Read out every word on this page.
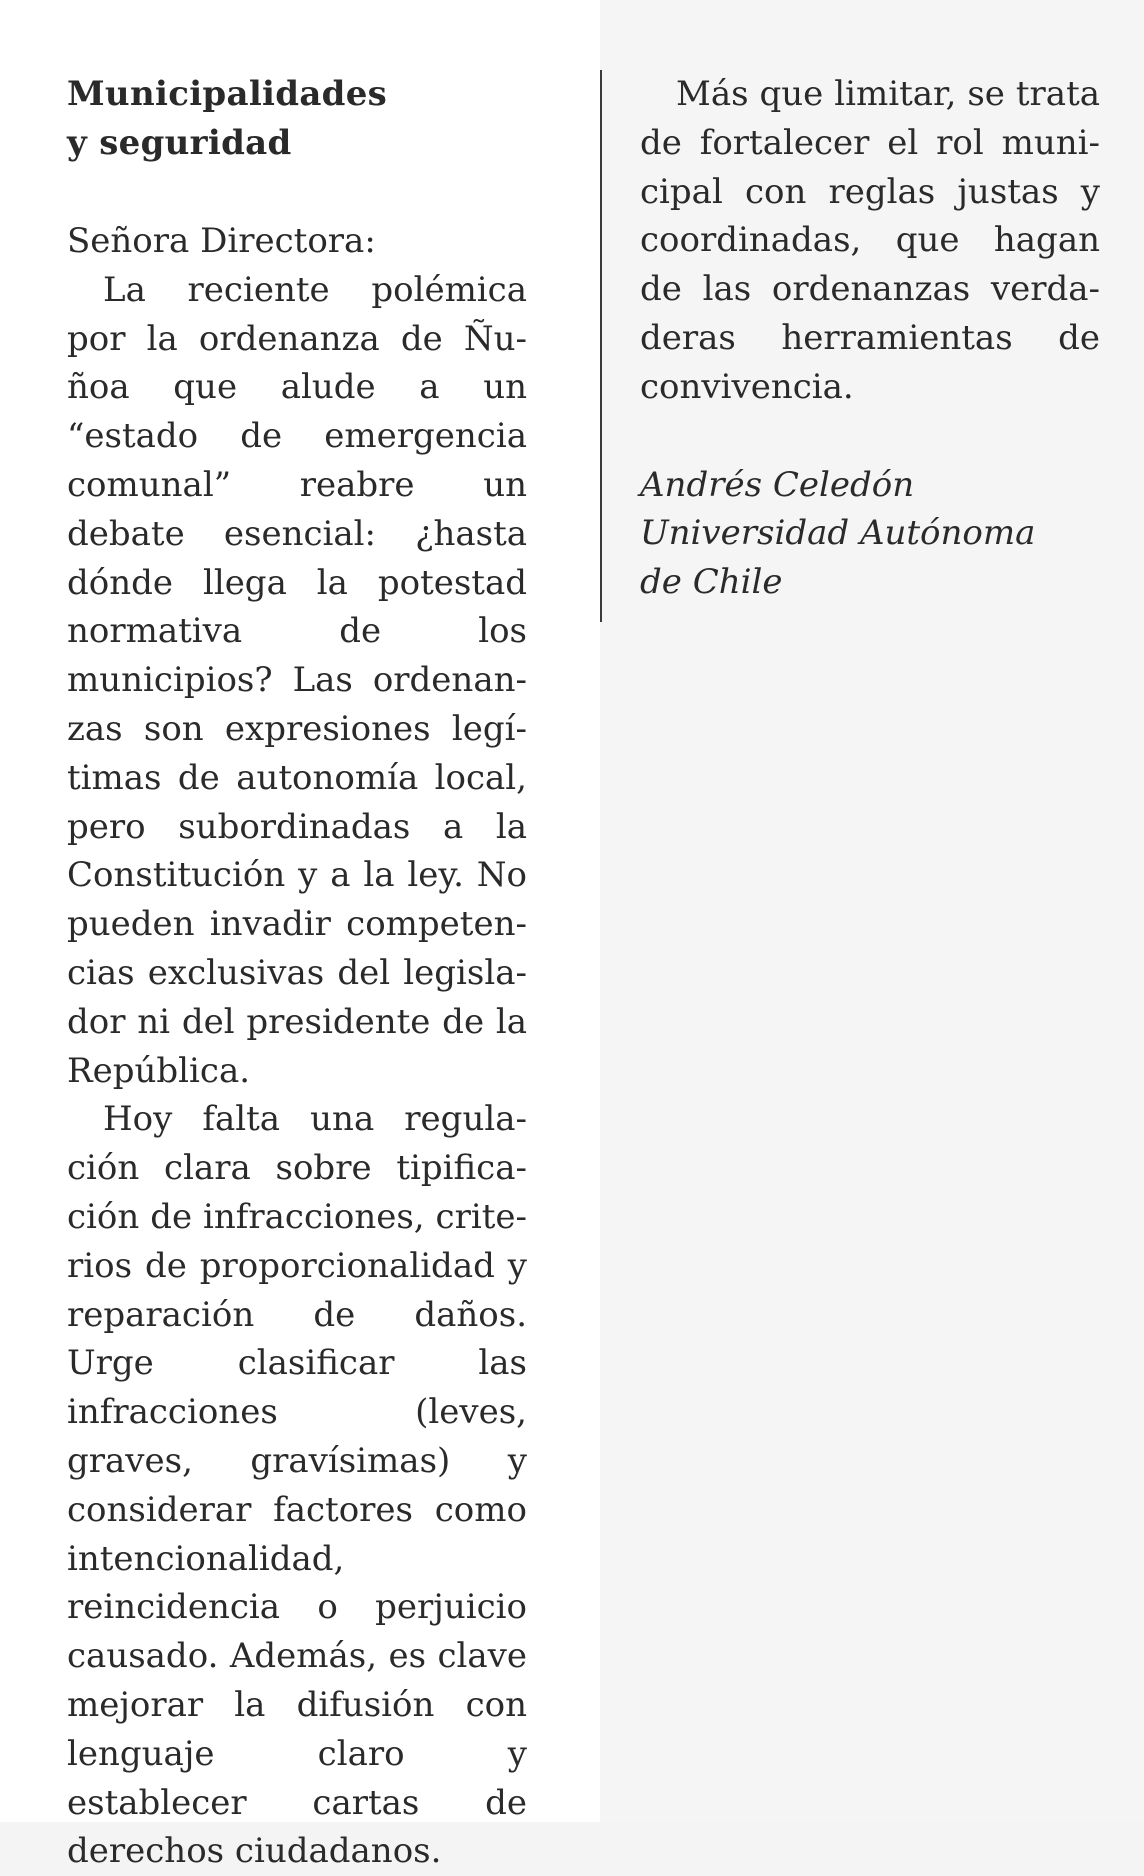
Municipalidades
y seguridad

Señora Directora:

La reciente polémica por la ordenanza de Ñuñoa que alude a un “estado de emergencia comunal” reabre un debate esencial: ¿hasta dónde llega la potestad normativa de los municipios? Las ordenanzas son expresiones legítimas de autonomía local, pero subordinadas a la Constitución y a la ley. No pueden invadir competencias exclusivas del legislador ni del presidente de la República.

Hoy falta una regulación clara sobre tipificación de infracciones, criterios de proporcionalidad y reparación de daños. Urge clasificar las infracciones (leves, graves, gravísimas) y considerar factores como intencionalidad, reincidencia o perjuicio causado. Además, es clave mejorar la difusión con lenguaje claro y establecer cartas de derechos ciudadanos.

Más que limitar, se trata de fortalecer el rol municipal con reglas justas y coordinadas, que hagan de las ordenanzas verdaderas herramientas de convivencia.

Andrés Celedón
Universidad Autónoma
de Chile
